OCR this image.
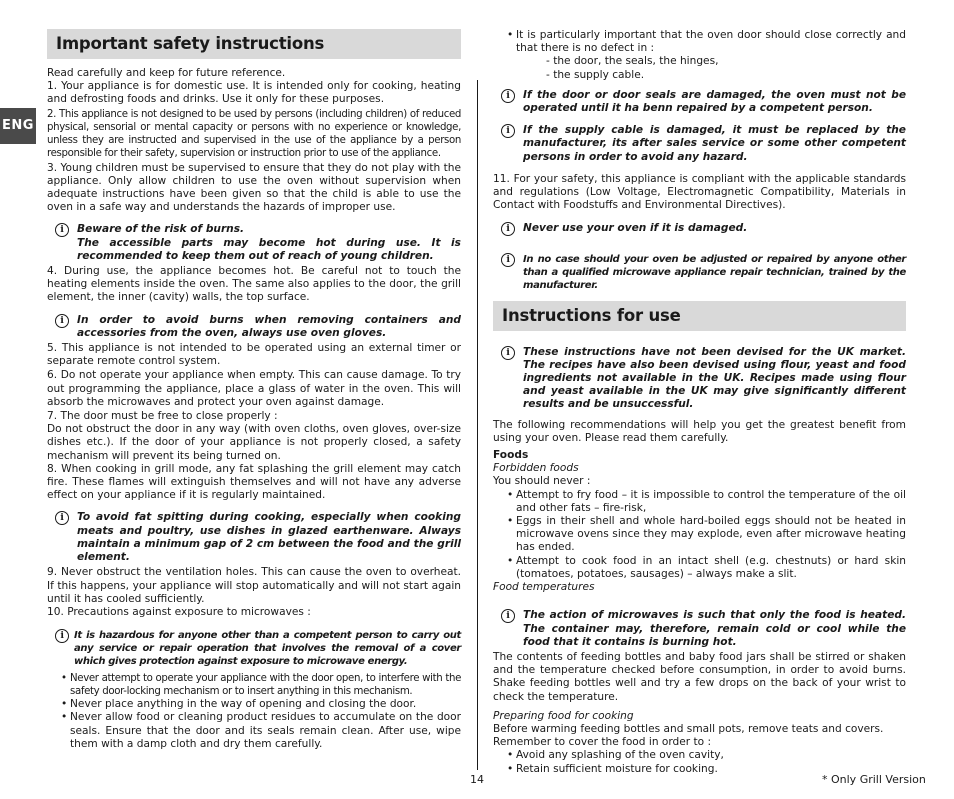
ENG
Important safety instructions

Read carefully and keep for future reference.

1. Your appliance is for domestic use. It is intended only for cooking, heating and defrosting foods and drinks. Use it only for these purposes.

2. This appliance is not designed to be used by persons (including children) of reduced physical, sensorial or mental capacity or persons with no experience or knowledge, unless they are instructed and supervised in the use of the appliance by a person responsible for their safety, supervision or instruction prior to use of the appliance.

3. Young children must be supervised to ensure that they do not play with the appliance. Only allow children to use the oven without supervision when adequate instructions have been given so that the child is able to use the oven in a safe way and understands the hazards of improper use.

i	Beware of the risk of burns.
The accessible parts may become hot during use. It is recommended to keep them out of reach of young children.

4. During use, the appliance becomes hot. Be careful not to touch the heating elements inside the oven. The same also applies to the door, the grill element, the inner (cavity) walls, the top surface.

i	In order to avoid burns when removing containers and accessories from the oven, always use oven gloves.

5. This appliance is not intended to be operated using an external timer or separate remote control system.

6. Do not operate your appliance when empty. This can cause damage. To try out programming the appliance, place a glass of water in the oven. This will absorb the microwaves and protect your oven against damage.

7. The door must be free to close properly :

Do not obstruct the door in any way (with oven cloths, oven gloves, over-size dishes etc.). If the door of your appliance is not properly closed, a safety mechanism will prevent its being turned on.

8. When cooking in grill mode, any fat splashing the grill element may catch fire. These flames will extinguish themselves and will not have any adverse effect on your appliance if it is regularly maintained.

i	To avoid fat spitting during cooking, especially when cooking meats and poultry, use dishes in glazed earthenware. Always maintain a minimum gap of 2 cm between the food and the grill element.

9. Never obstruct the ventilation holes. This can cause the oven to overheat. If this happens, your appliance will stop automatically and will not start again until it has cooled sufficiently.

10. Precautions against exposure to microwaves :

i	It is hazardous for anyone other than a competent person to carry out any service or repair operation that involves the removal of a cover which gives protection against exposure to microwave energy.
• Never attempt to operate your appliance with the door open, to interfere with the safety door-locking mechanism or to insert anything in this mechanism.
• Never place anything in the way of opening and closing the door.
• Never allow food or cleaning product residues to accumulate on the door seals. Ensure that the door and its seals remain clean. After use, wipe them with a damp cloth and dry them carefully.
• It is particularly important that the oven door should close correctly and that there is no defect in :
- the door, the seals, the hinges,
- the supply cable.
i	If the door or door seals are damaged, the oven must not be operated until it ha benn repaired by a competent person.
i	If the supply cable is damaged, it must be replaced by the manufacturer, its after sales service or some other competent persons in order to avoid any hazard.

11. For your safety, this appliance is compliant with the applicable standards and regulations (Low Voltage, Electromagnetic Compatibility, Materials in Contact with Foodstuffs and Environmental Directives).

i	Never use your oven if it is damaged.
i	In no case should your oven be adjusted or repaired by anyone other than a qualified microwave appliance repair technician, trained by the manufacturer.
Instructions for use
i	These instructions have not been devised for the UK market. The recipes have also been devised using flour, yeast and food ingredients not available in the UK. Recipes made using flour and yeast available in the UK may give significantly different results and be unsuccessful.

The following recommendations will help you get the greatest benefit from using your oven. Please read them carefully.

Foods
Forbidden foods
You should never :
• Attempt to fry food – it is impossible to control the temperature of the oil and other fats – fire-risk,
• Eggs in their shell and whole hard-boiled eggs should not be heated in microwave ovens since they may explode, even after microwave heating has ended.
• Attempt to cook food in an intact shell (e.g. chestnuts) or hard skin (tomatoes, potatoes, sausages) – always make a slit.
Food temperatures
i	The action of microwaves is such that only the food is heated. The container may, therefore, remain cold or cool while the food that it contains is burning hot.

The contents of feeding bottles and baby food jars shall be stirred or shaken and the temperature checked before consumption, in order to avoid burns. Shake feeding bottles well and try a few drops on the back of your wrist to check the temperature.

Preparing food for cooking
Before warming feeding bottles and small pots, remove teats and covers.
Remember to cover the food in order to :
• Avoid any splashing of the oven cavity,
• Retain sufficient moisture for cooking.
14	* Only Grill Version
